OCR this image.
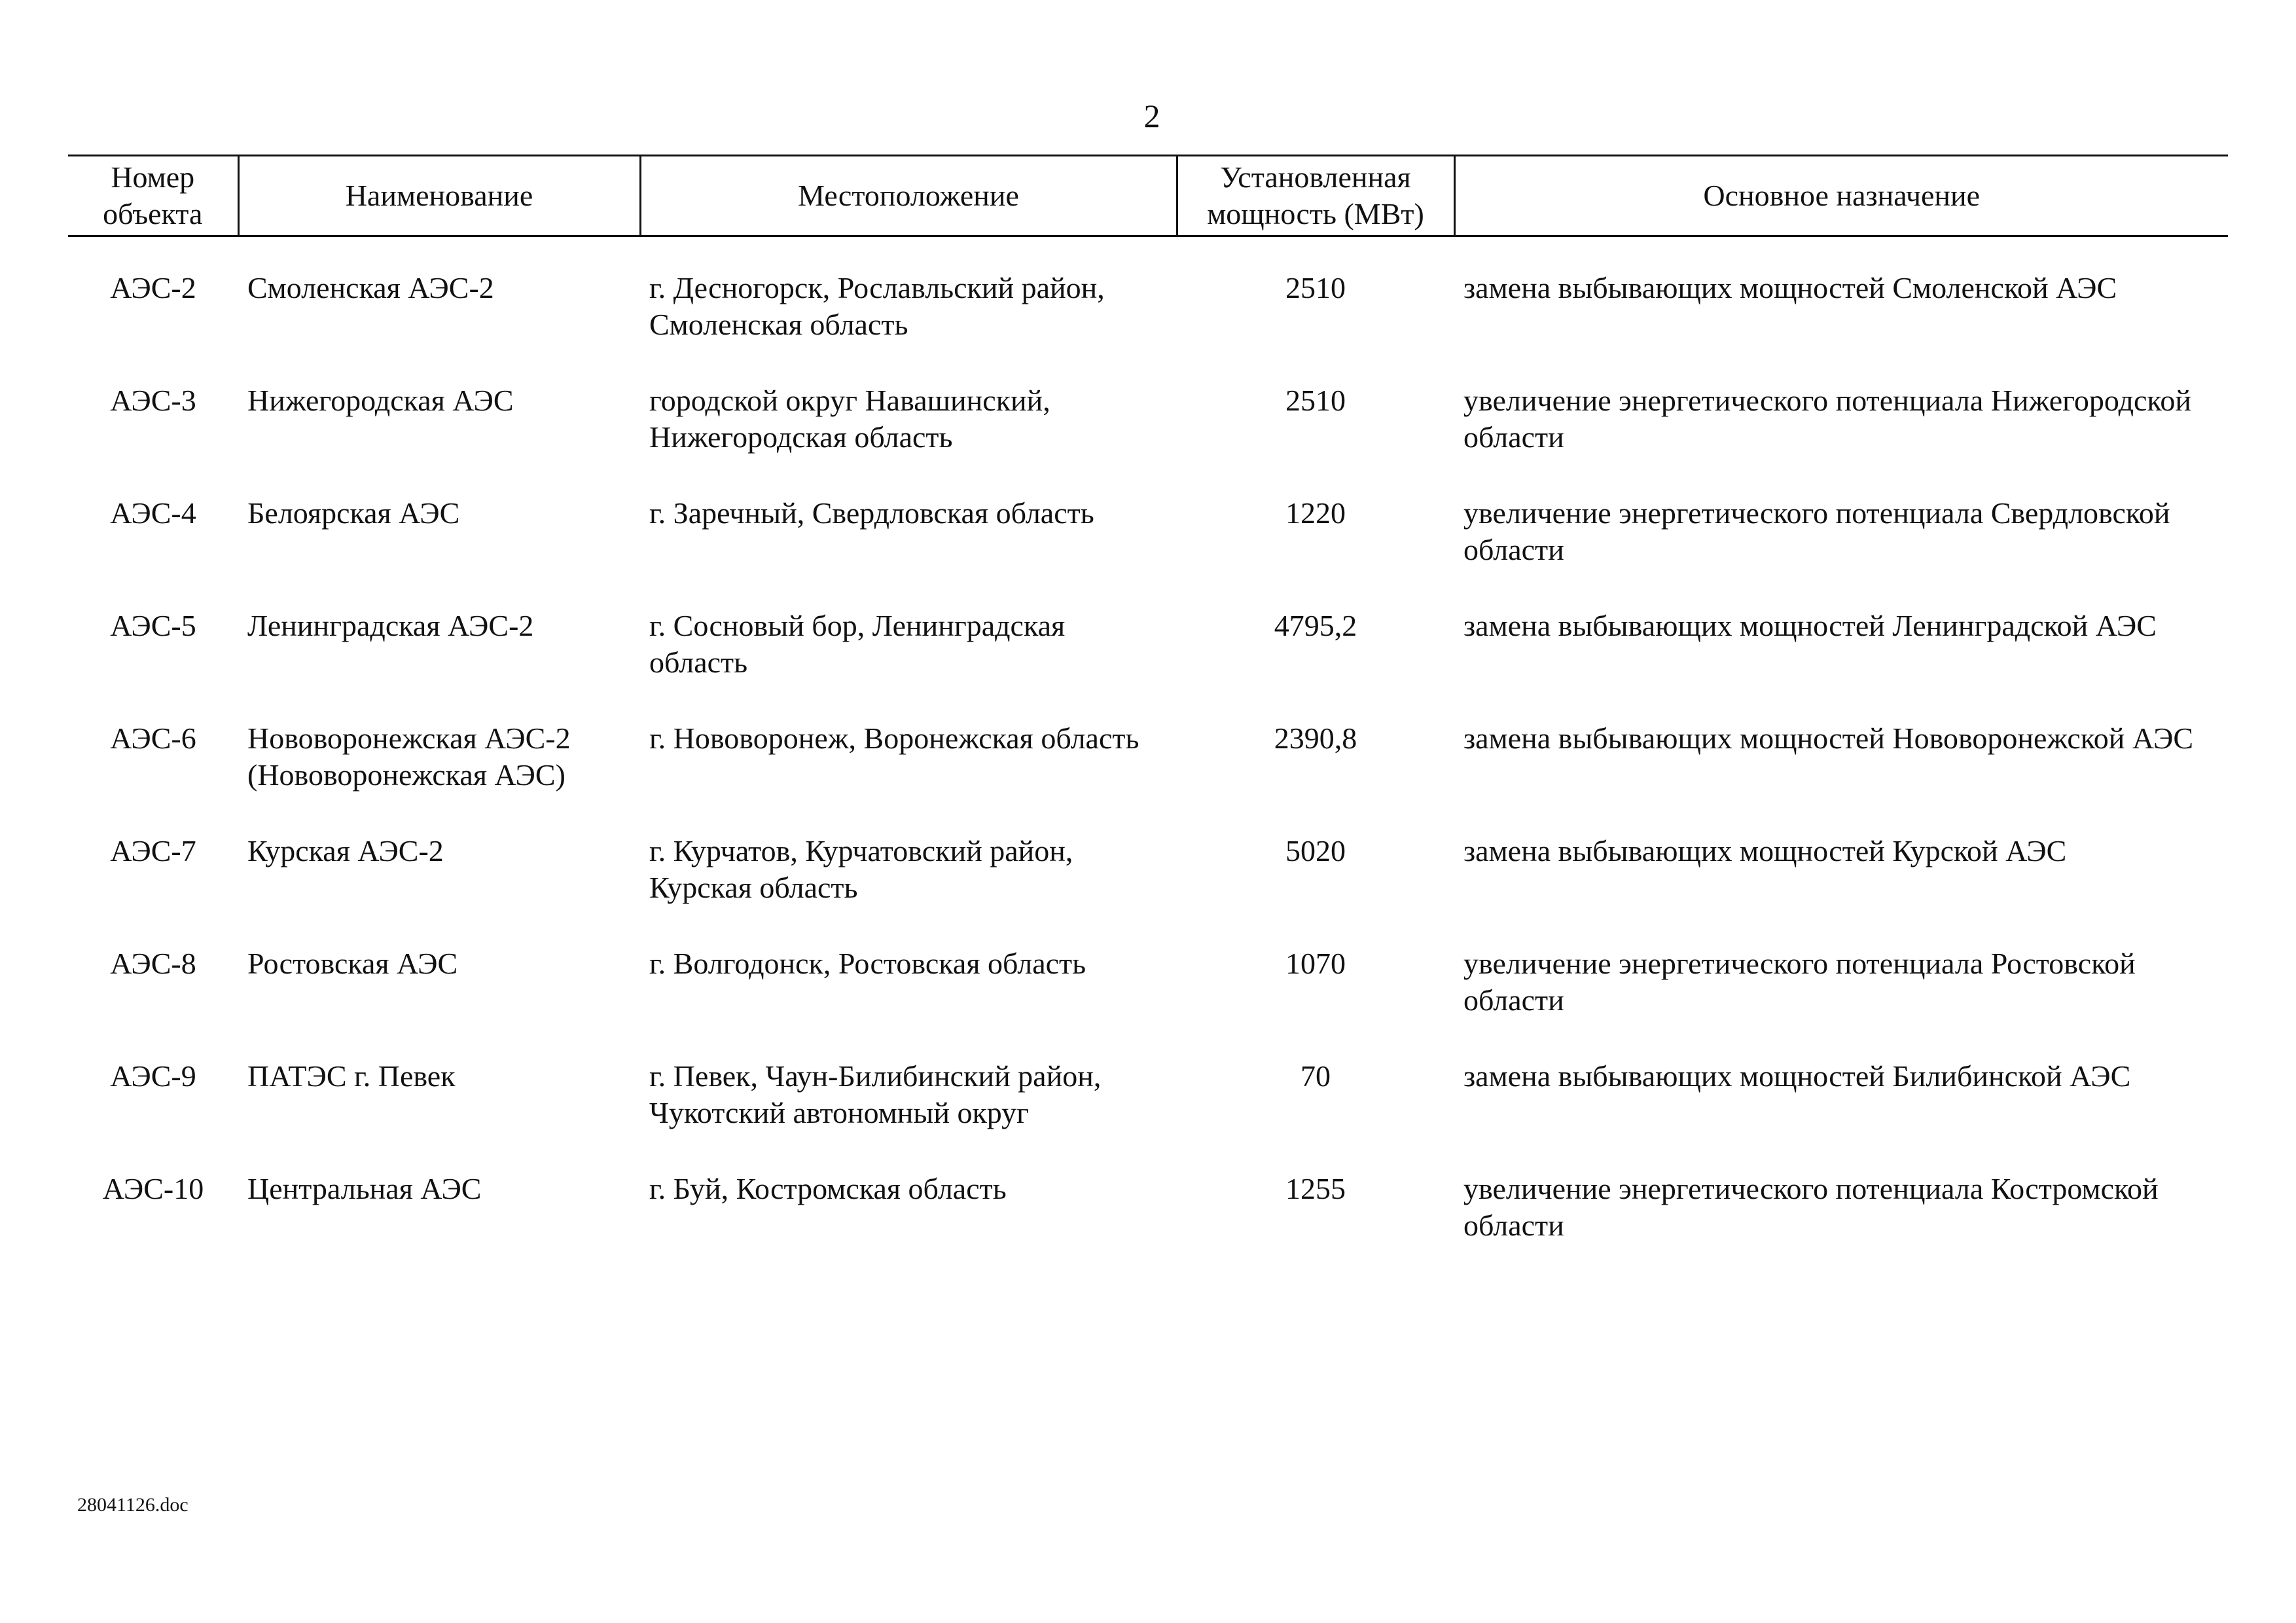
2
Номер объекта	Наименование	Местоположение	Установленная мощность (МВт)	Основное назначение
АЭС-2	Смоленская АЭС-2	г. Десногорск, Рославльский район, Смоленская область	2510	замена выбывающих мощностей Смоленской АЭС
АЭС-3	Нижегородская АЭС	городской округ Навашинский, Нижегородская область	2510	увеличение энергетического потенциала Нижегородской области
АЭС-4	Белоярская АЭС	г. Заречный, Свердловская область	1220	увеличение энергетического потенциала Свердловской области
АЭС-5	Ленинградская АЭС-2	г. Сосновый бор, Ленинградская область	4795,2	замена выбывающих мощностей Ленинградской АЭС
АЭС-6	Нововоронежская АЭС-2 (Нововоронежская АЭС)	г. Нововоронеж, Воронежская область	2390,8	замена выбывающих мощностей Нововоронежской АЭС
АЭС-7	Курская АЭС-2	г. Курчатов, Курчатовский район, Курская область	5020	замена выбывающих мощностей Курской АЭС
АЭС-8	Ростовская АЭС	г. Волгодонск, Ростовская область	1070	увеличение энергетического потенциала Ростовской области
АЭС-9	ПАТЭС г. Певек	г. Певек, Чаун-Билибинский район, Чукотский автономный округ	70	замена выбывающих мощностей Билибинской АЭС
АЭС-10	Центральная АЭС	г. Буй, Костромская область	1255	увеличение энергетического потенциала Костромской области
28041126.doc
